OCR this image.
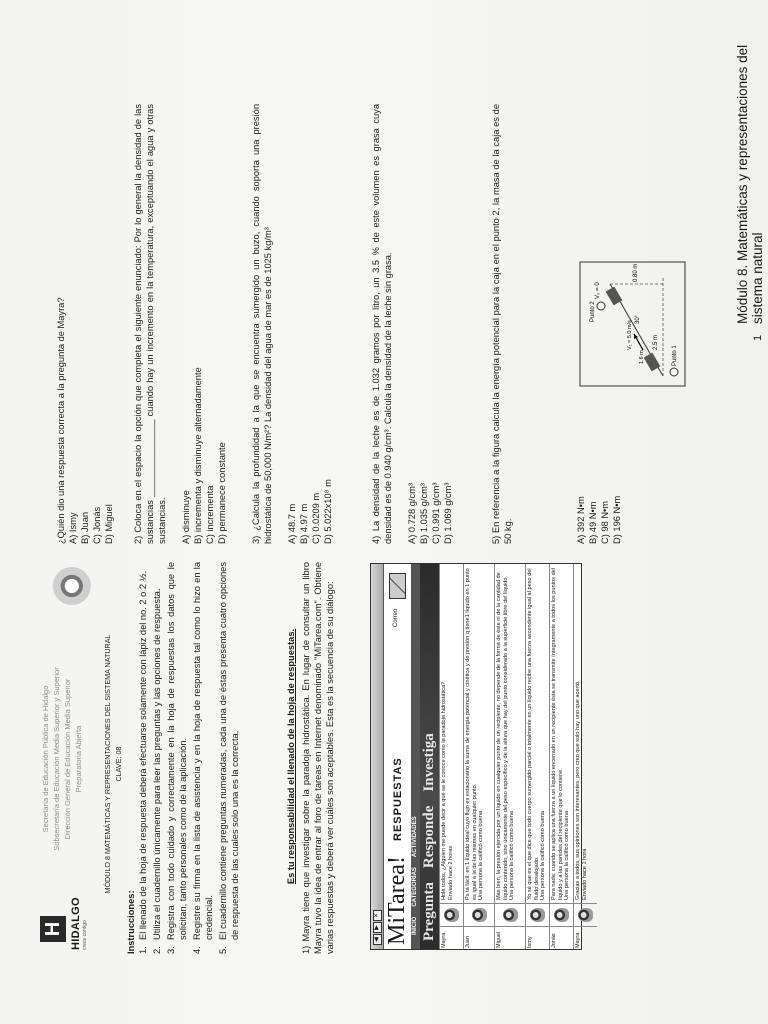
H HIDALGO crece contigo
Secretaría de Educación Pública de Hidalgo Subsecretaría de Educación Media Superior y Superior Dirección General de Educación Media Superior Preparatoria Abierta	MÓDULO 8 MATEMÁTICAS Y REPRESENTACIONES DEL SISTEMA NATURAL CLAVE: 08
Instrucciones: 1.
El llenado de la hoja de respuesta deberá efectuarse solamente con lápiz del no. 2 o 2 ½.
2.
Utiliza el cuadernillo únicamente para leer las preguntas y las opciones de respuesta.
3.
Registra con todo cuidado y correctamente en la hoja de respuestas los datos que le solicitan, tanto personales como de la aplicación.
4.
Registre su firma en la lista de asistencia y en la hoja de respuesta tal como lo hizo en la credencial.
5.
El cuadernillo contiene preguntas numeradas, cada una de éstas presenta cuatro opciones de respuesta de las cuales solo una es la correcta.	Es tu responsabilidad el llenado de la hoja de respuestas. 1) Mayra tiene que investigar sobre la paradoja hidrostática. En lugar de consultar un libro Mayra tuvo la idea de entrar al foro de tareas en Internet denominado "MiTarea.com". Obtiene varias respuestas y deberá ver cuáles son aceptables. Esta es la secuencia de su diálogo:	◀
▶
✕ MiTarea!
RESPUESTAS
Correo
INICIO
CATEGORÍAS
ACTIVIDADES
Pregunta
Responde
Investiga
Mayra
Hola todos, ¿Alguien me puede decir a qué se le conoce como la paradoja hidrostática? Enviado hace 2 horas
Juan
Ps tá fácil: en 1 líquido ideal cuyo flujo es estacionario la suma de energía potencial y cinética y de presión q tiene1 líquido en 1 punto es igual a la de las mismas en cualquier punto. Una persona la calificó como buena
Miguel
Mas bien, la presión ejercida por un líquido en cualquier punto de un recipiente, no depende de la forma de éste ni de la cantidad de líquido contenido, sino únicamente del peso específico y de la altura que hay del punto considerado a la superficie libre del líquido. Una persona la calificó como buena
Ismy
Yo sé que es el que dice que todo cuerpo sumergido parcial o totalmente en un líquido recibe una fuerza ascendente igual al peso del fluido desalojado. Una persona la calificó como buena
Jonás
Para nada: cuando se aplica una fuerza a un líquido encerrado en un recipiente ésta se transmite íntegramente a todos los puntos del líquido y a las paredes del recipiente que lo contiene. Una persona la calificó como buena
Mayra
Gracias a todos, sus opiniones son interesantes, pero creo que solo hay uno que acertó. Enviado hace 1 hora

¿Quién dio una respuesta correcta a la pregunta de Mayra? A) Ismy B) Juan C) Jonás D) Miguel 2) Coloca en el espacio la opción que completa el siguiente enunciado: Por lo general la densidad de las sustancias _______________ cuando hay un incremento en la temperatura, exceptuando el agua y otras sustancias. A) disminuye B) incrementa y disminuye alternadamente C) incrementa D) permanece constante	3) ¿Calcula la profundidad a la que se encuentra sumergido un buzo, cuando soporta una presión hidrostática de 50,000 N/m²? La densidad del agua de mar es de 1025 kg/m³ A) 48.7 m B) 4.97 m C) 0.0209 m D) 5.022x10⁸ m	4) La densidad de la leche es de 1.032 gramos por litro, un 3.5 % de este volumen es grasa cuya densidad es de 0.940 g/cm³. Calcula la densidad de la leche sin grasa. A) 0.728 g/cm³ B) 1.035 g/cm³ C) 0.991 g/cm³ D) 1.069 g/cm³	5) En referencia a la figura calcula la energía potencial para la caja en el punto 2, la masa de la caja es de 50 kg.	A) 392 N•m B) 49 N•m C) 98 N•m D) 196 N•m

Punto 1
Punto 2
V₀ = 0
V₁ = 5.0 m/s
30°
2.5 m
0.80 m
1.6 m
1
Módulo 8. Matemáticas y representaciones del sistema natural
